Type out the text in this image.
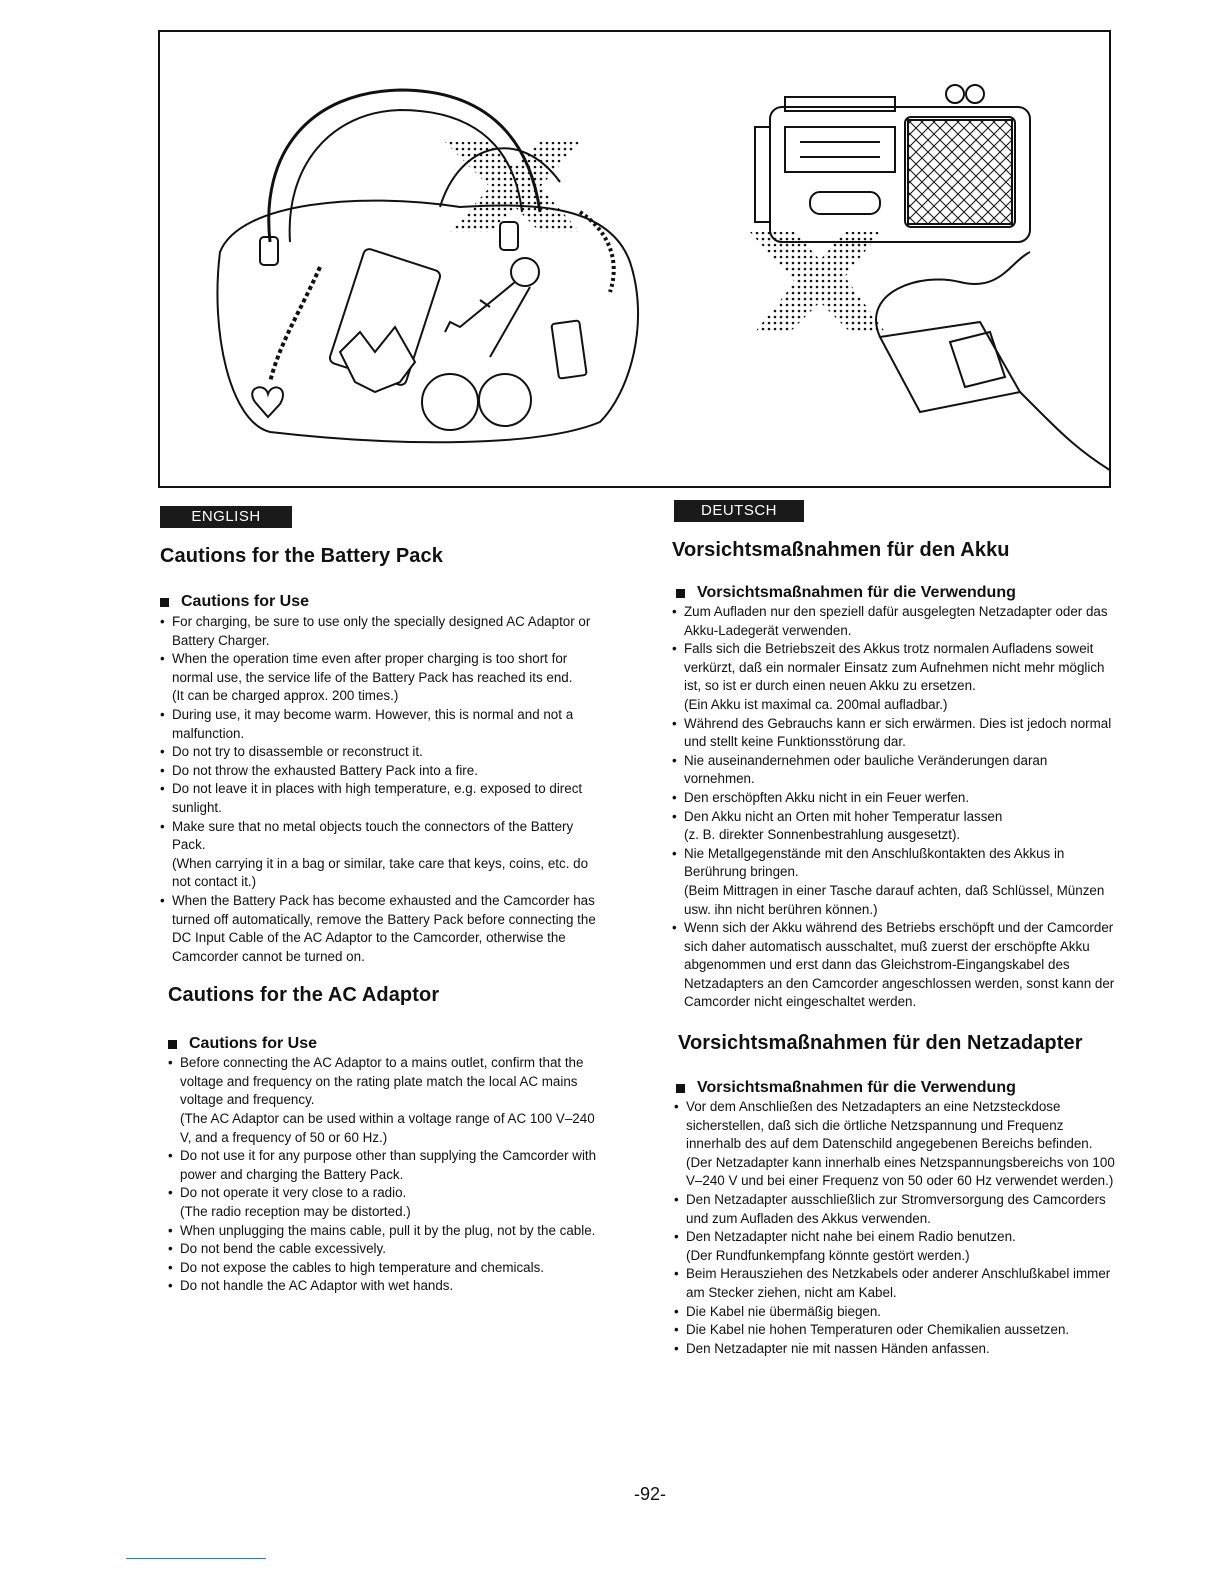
ENGLISH	DEUTSCH
Cautions for the Battery Pack
Cautions for Use
• For charging, be sure to use only the specially designed AC Adaptor or Battery Charger.
• When the operation time even after proper charging is too short for normal use, the service life of the Battery Pack has reached its end.
(It can be charged approx. 200 times.)
• During use, it may become warm. However, this is normal and not a malfunction.
• Do not try to disassemble or reconstruct it.
• Do not throw the exhausted Battery Pack into a fire.
• Do not leave it in places with high temperature, e.g. exposed to direct sunlight.
• Make sure that no metal objects touch the connectors of the Battery Pack.
(When carrying it in a bag or similar, take care that keys, coins, etc. do not contact it.)
• When the Battery Pack has become exhausted and the Camcorder has turned off automatically, remove the Battery Pack before connecting the DC Input Cable of the AC Adaptor to the Camcorder, otherwise the Camcorder cannot be turned on.
Cautions for the AC Adaptor
Cautions for Use
• Before connecting the AC Adaptor to a mains outlet, confirm that the voltage and frequency on the rating plate match the local AC mains voltage and frequency.
(The AC Adaptor can be used within a voltage range of AC 100 V–240 V, and a frequency of 50 or 60 Hz.)
• Do not use it for any purpose other than supplying the Camcorder with power and charging the Battery Pack.
• Do not operate it very close to a radio.
(The radio reception may be distorted.)
• When unplugging the mains cable, pull it by the plug, not by the cable.
• Do not bend the cable excessively.
• Do not expose the cables to high temperature and chemicals.
• Do not handle the AC Adaptor with wet hands.
Vorsichtsmaßnahmen für den Akku
Vorsichtsmaßnahmen für die Verwendung
• Zum Aufladen nur den speziell dafür ausgelegten Netzadapter oder das Akku-Ladegerät verwenden.
• Falls sich die Betriebszeit des Akkus trotz normalen Aufladens soweit verkürzt, daß ein normaler Einsatz zum Aufnehmen nicht mehr möglich ist, so ist er durch einen neuen Akku zu ersetzen.
(Ein Akku ist maximal ca. 200mal aufladbar.)
• Während des Gebrauchs kann er sich erwärmen. Dies ist jedoch normal und stellt keine Funktionsstörung dar.
• Nie auseinandernehmen oder bauliche Veränderungen daran vornehmen.
• Den erschöpften Akku nicht in ein Feuer werfen.
• Den Akku nicht an Orten mit hoher Temperatur lassen
(z. B. direkter Sonnenbestrahlung ausgesetzt).
• Nie Metallgegenstände mit den Anschlußkontakten des Akkus in Berührung bringen.
(Beim Mittragen in einer Tasche darauf achten, daß Schlüssel, Münzen usw. ihn nicht berühren können.)
• Wenn sich der Akku während des Betriebs erschöpft und der Camcorder sich daher automatisch ausschaltet, muß zuerst der erschöpfte Akku abgenommen und erst dann das Gleichstrom-Eingangskabel des Netzadapters an den Camcorder angeschlossen werden, sonst kann der Camcorder nicht eingeschaltet werden.
Vorsichtsmaßnahmen für den Netzadapter
Vorsichtsmaßnahmen für die Verwendung
• Vor dem Anschließen des Netzadapters an eine Netzsteckdose sicherstellen, daß sich die örtliche Netzspannung und Frequenz innerhalb des auf dem Datenschild angegebenen Bereichs befinden.
(Der Netzadapter kann innerhalb eines Netzspannungsbereichs von 100 V–240 V und bei einer Frequenz von 50 oder 60 Hz verwendet werden.)
• Den Netzadapter ausschließlich zur Stromversorgung des Camcorders und zum Aufladen des Akkus verwenden.
• Den Netzadapter nicht nahe bei einem Radio benutzen.
(Der Rundfunkempfang könnte gestört werden.)
• Beim Herausziehen des Netzkabels oder anderer Anschlußkabel immer am Stecker ziehen, nicht am Kabel.
• Die Kabel nie übermäßig biegen.
• Die Kabel nie hohen Temperaturen oder Chemikalien aussetzen.
• Den Netzadapter nie mit nassen Händen anfassen.
-92-
